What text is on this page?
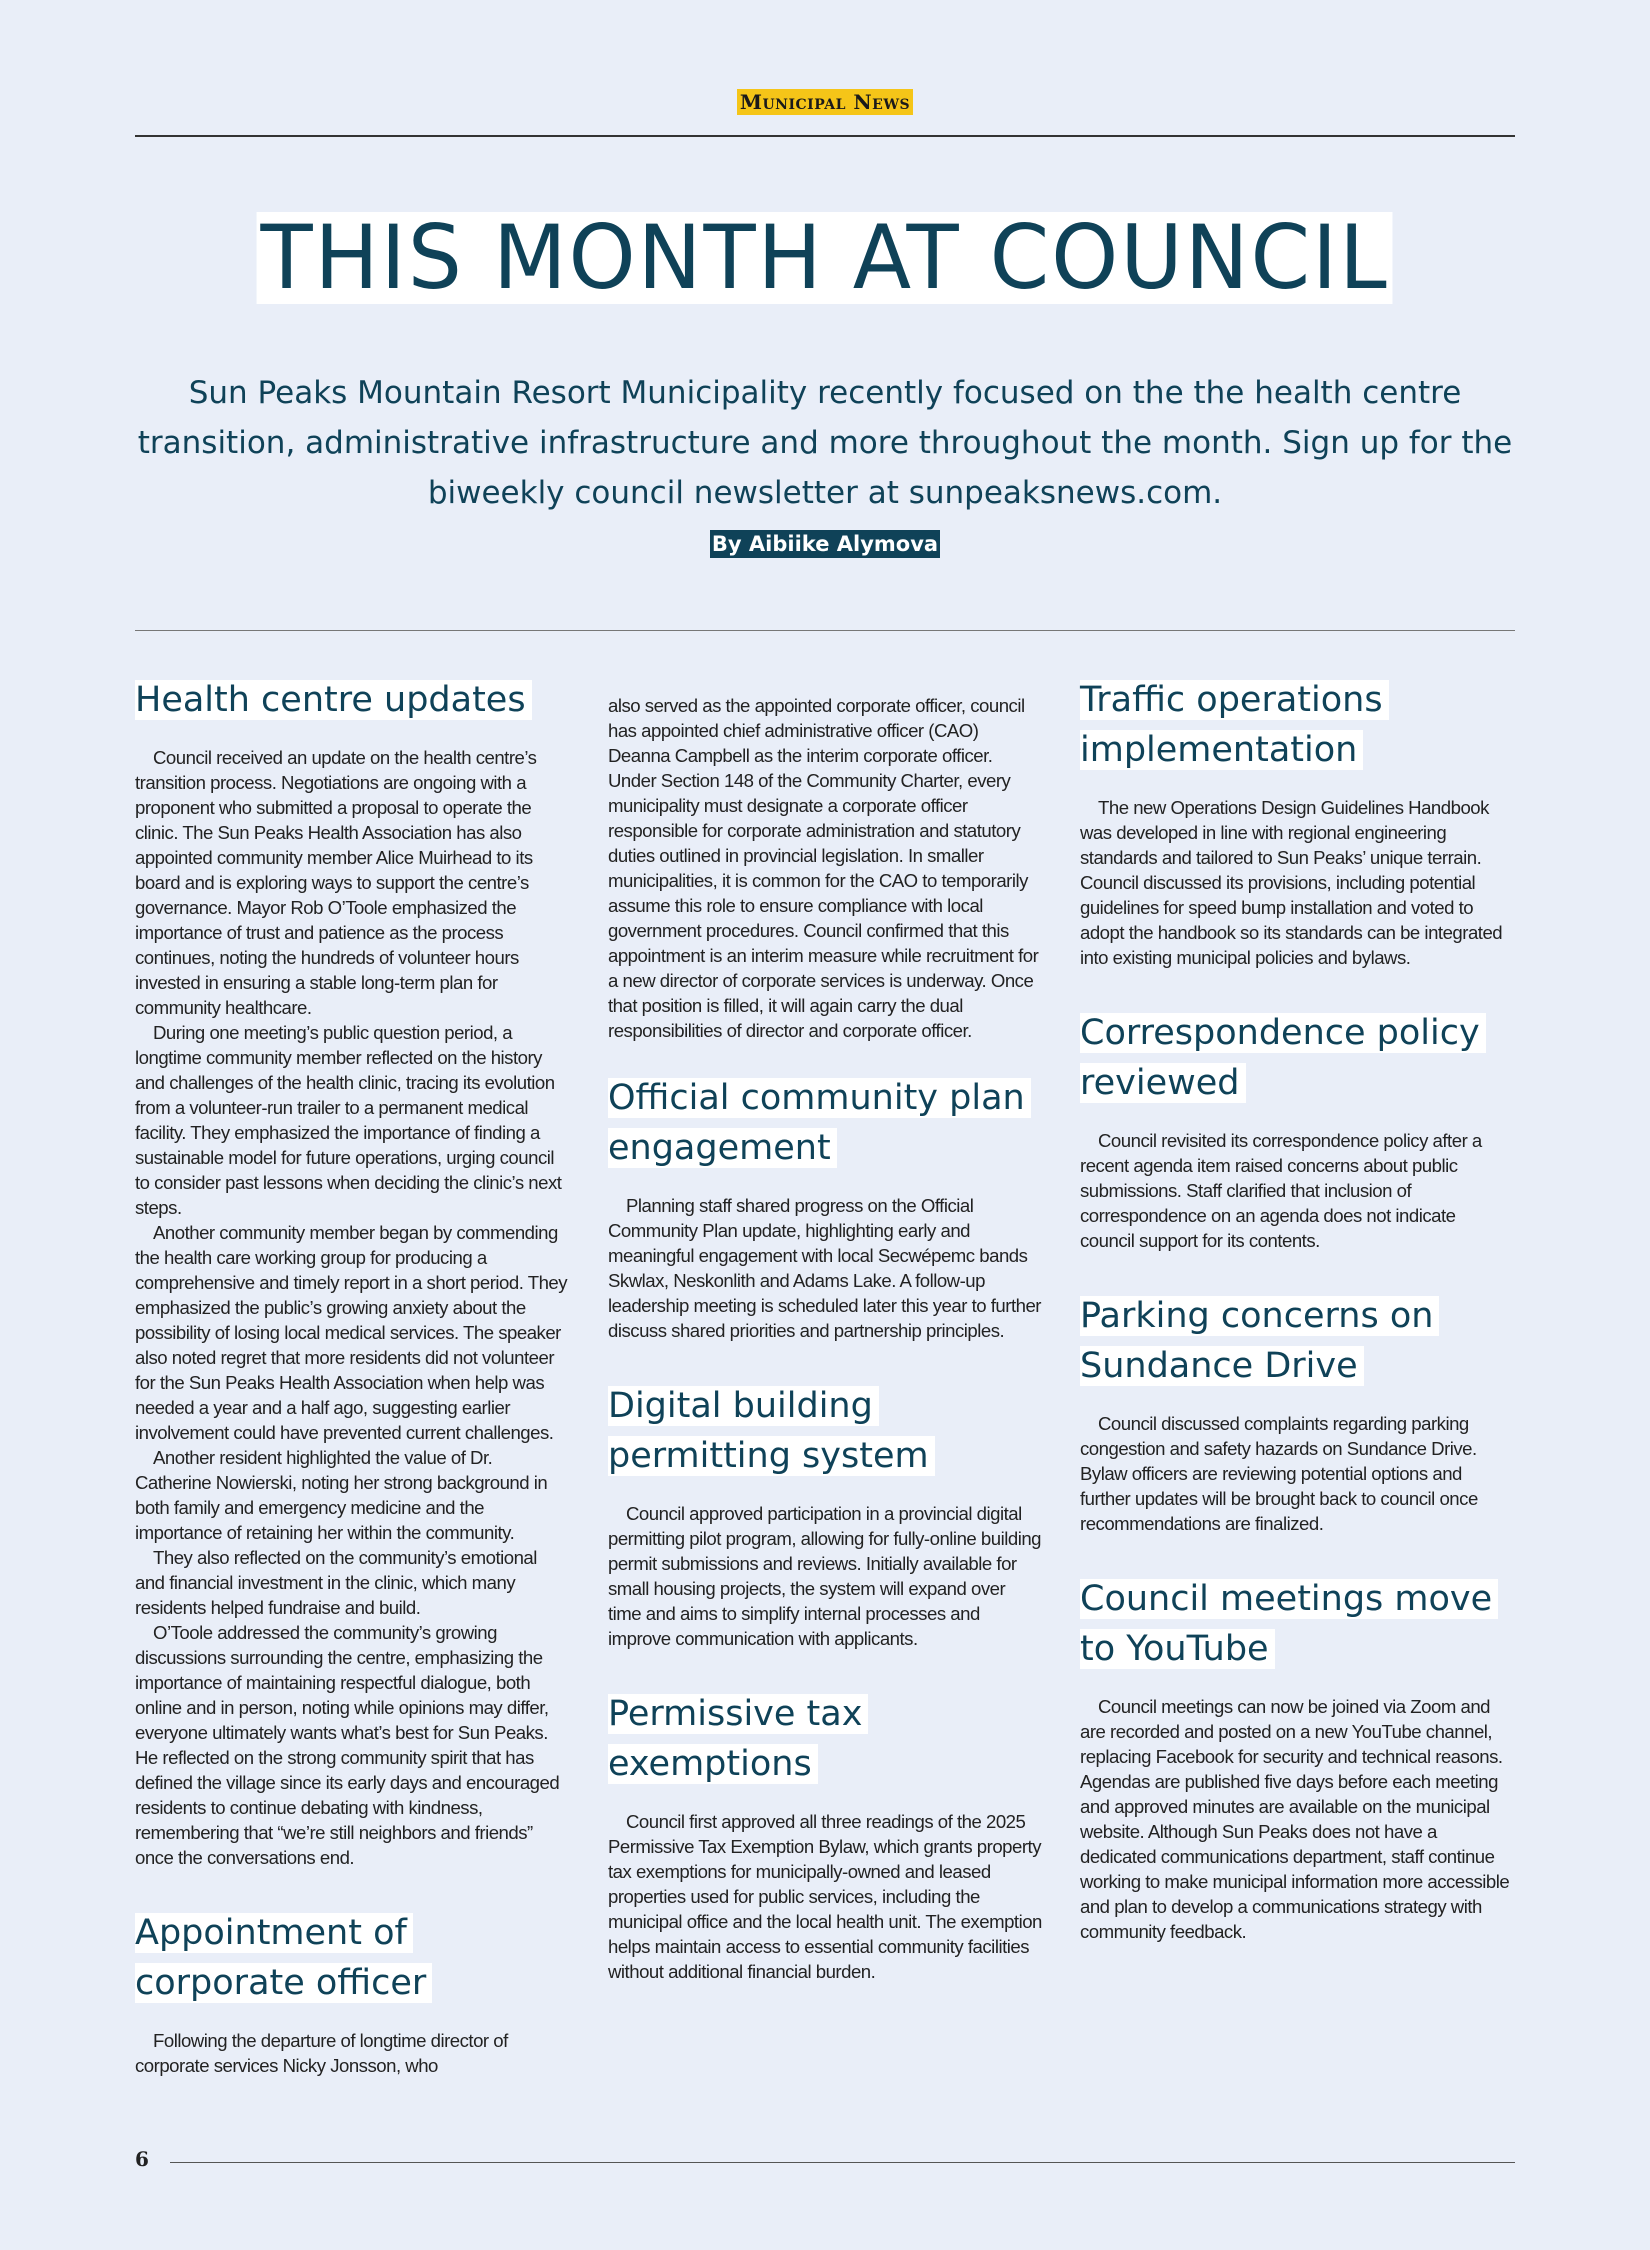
Municipal News
THIS MONTH AT COUNCIL
Sun Peaks Mountain Resort Municipality recently focused on the the health centre transition, administrative infrastructure and more throughout the month. Sign up for the biweekly council newsletter at sunpeaksnews.com.
By Aibiike Alymova
Health centre updates

Council received an update on the health centre’s transition process. Negotiations are ongoing with a proponent who submitted a proposal to operate the clinic. The Sun Peaks Health Association has also appointed community member Alice Muirhead to its board and is exploring ways to support the centre’s governance. Mayor Rob O’Toole emphasized the importance of trust and patience as the process continues, noting the hundreds of volunteer hours invested in ensuring a stable long-term plan for community healthcare.

During one meeting’s public question period, a longtime community member reflected on the history and challenges of the health clinic, tracing its evolution from a volunteer-run trailer to a permanent medical facility. They emphasized the importance of finding a sustainable model for future operations, urging council to consider past lessons when deciding the clinic’s next steps.

Another community member began by commending the health care working group for producing a comprehensive and timely report in a short period. They emphasized the public’s growing anxiety about the possibility of losing local medical services. The speaker also noted regret that more residents did not volunteer for the Sun Peaks Health Association when help was needed a year and a half ago, suggesting earlier involvement could have prevented current challenges.

Another resident highlighted the value of Dr. Catherine Nowierski, noting her strong background in both family and emergency medicine and the importance of retaining her within the community.

They also reflected on the community’s emotional and financial investment in the clinic, which many residents helped fundraise and build.

O’Toole addressed the community’s growing discussions surrounding the centre, emphasizing the importance of maintaining respectful dialogue, both online and in person, noting while opinions may differ, everyone ultimately wants what’s best for Sun Peaks. He reflected on the strong community spirit that has defined the village since its early days and encouraged residents to continue debating with kindness, remembering that “we’re still neighbors and friends” once the conversations end.

Appointment of corporate officer

Following the departure of longtime director of corporate services Nicky Jonsson, who

also served as the appointed corporate officer, council has appointed chief administrative officer (CAO) Deanna Campbell as the interim corporate officer. Under Section 148 of the Community Charter, every municipality must designate a corporate officer responsible for corporate administration and statutory duties outlined in provincial legislation. In smaller municipalities, it is common for the CAO to temporarily assume this role to ensure compliance with local government procedures. Council confirmed that this appointment is an interim measure while recruitment for a new director of corporate services is underway. Once that position is filled, it will again carry the dual responsibilities of director and corporate officer.

Official community plan engagement

Planning staff shared progress on the Official Community Plan update, highlighting early and meaningful engagement with local Secwépemc bands Skwlax, Neskonlith and Adams Lake. A follow-up leadership meeting is scheduled later this year to further discuss shared priorities and partnership principles.

Digital building permitting system

Council approved participation in a provincial digital permitting pilot program, allowing for fully-online building permit submissions and reviews. Initially available for small housing projects, the system will expand over time and aims to simplify internal processes and improve communication with applicants.

Permissive tax exemptions

Council first approved all three readings of the 2025 Permissive Tax Exemption Bylaw, which grants property tax exemptions for municipally-owned and leased properties used for public services, including the municipal office and the local health unit. The exemption helps maintain access to essential community facilities without additional financial burden.

Traffic operations implementation

The new Operations Design Guidelines Handbook was developed in line with regional engineering standards and tailored to Sun Peaks’ unique terrain. Council discussed its provisions, including potential guidelines for speed bump installation and voted to adopt the handbook so its standards can be integrated into existing municipal policies and bylaws.

Correspondence policy reviewed

Council revisited its correspondence policy after a recent agenda item raised concerns about public submissions. Staff clarified that inclusion of correspondence on an agenda does not indicate council support for its contents.

Parking concerns on Sundance Drive

Council discussed complaints regarding parking congestion and safety hazards on Sundance Drive. Bylaw officers are reviewing potential options and further updates will be brought back to council once recommendations are finalized.

Council meetings move to YouTube

Council meetings can now be joined via Zoom and are recorded and posted on a new YouTube channel, replacing Facebook for security and technical reasons. Agendas are published five days before each meeting and approved minutes are available on the municipal website. Although Sun Peaks does not have a dedicated communications department, staff continue working to make municipal information more accessible and plan to develop a communications strategy with community feedback.

6
